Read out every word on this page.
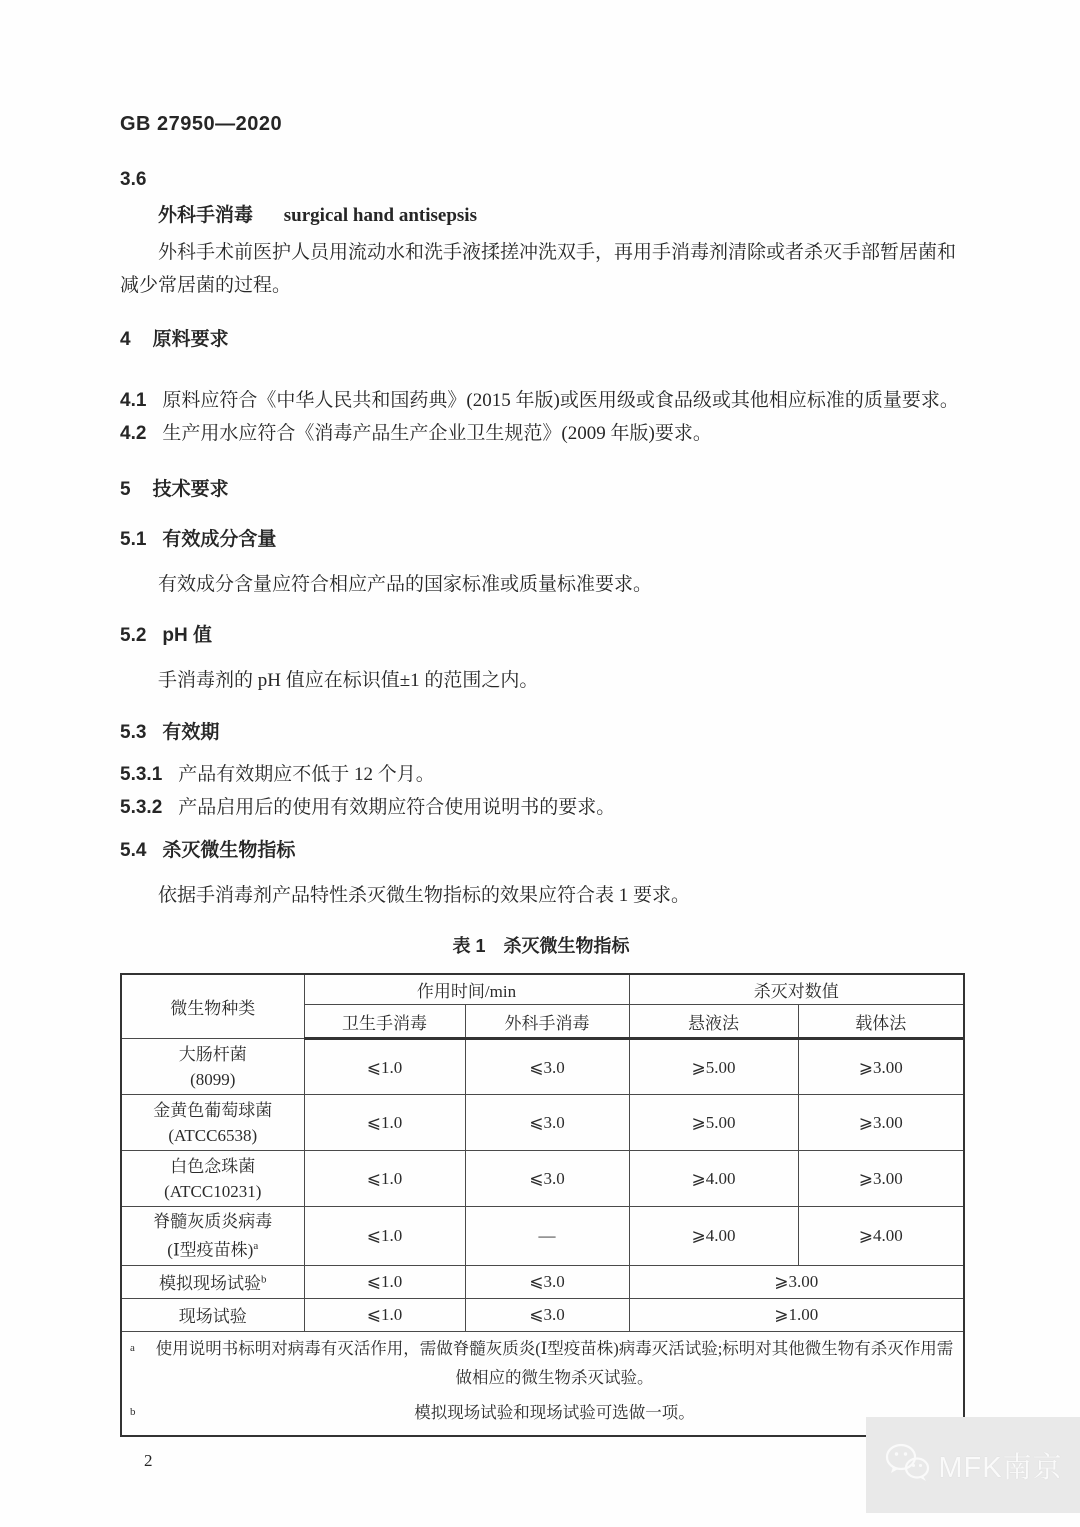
GB 27950—2020
3.6
外科手消毒 surgical hand antisepsis

外科手术前医护人员用流动水和洗手液揉搓冲洗双手，再用手消毒剂清除或者杀灭手部暂居菌和减少常居菌的过程。

4 原料要求

4.1 原料应符合《中华人民共和国药典》(2015 年版)或医用级或食品级或其他相应标准的质量要求。

4.2 生产用水应符合《消毒产品生产企业卫生规范》(2009 年版)要求。

5 技术要求
5.1 有效成分含量

有效成分含量应符合相应产品的国家标准或质量标准要求。

5.2 pH 值

手消毒剂的 pH 值应在标识值±1 的范围之内。

5.3 有效期

5.3.1 产品有效期应不低于 12 个月。

5.3.2 产品启用后的使用有效期应符合使用说明书的要求。

5.4 杀灭微生物指标

依据手消毒剂产品特性杀灭微生物指标的效果应符合表 1 要求。

表 1　杀灭微生物指标
微生物种类	作用时间/min		杀灭对数值	
	卫生手消毒	外科手消毒	悬液法	载体法
大肠杆菌
(8099)	⩽1.0	⩽3.0	⩾5.00	⩾3.00
金黄色葡萄球菌
(ATCC6538)	⩽1.0	⩽3.0	⩾5.00	⩾3.00
白色念珠菌
(ATCC10231)	⩽1.0	⩽3.0	⩾4.00	⩾3.00
脊髓灰质炎病毒
(Ⅰ型疫苗株)$^a$	⩽1.0	—	⩾4.00	⩾4.00
模拟现场试验$^b$	⩽1.0	⩽3.0	⩾3.00	
现场试验	⩽1.0	⩽3.0	⩾1.00	

a 使用说明书标明对病毒有灭活作用，需做脊髓灰质炎(Ⅰ型疫苗株)病毒灭活试验;标明对其他微生物有杀灭作用需做相应的微生物杀灭试验。

b 模拟现场试验和现场试验可选做一项。				

2	MFK南京
